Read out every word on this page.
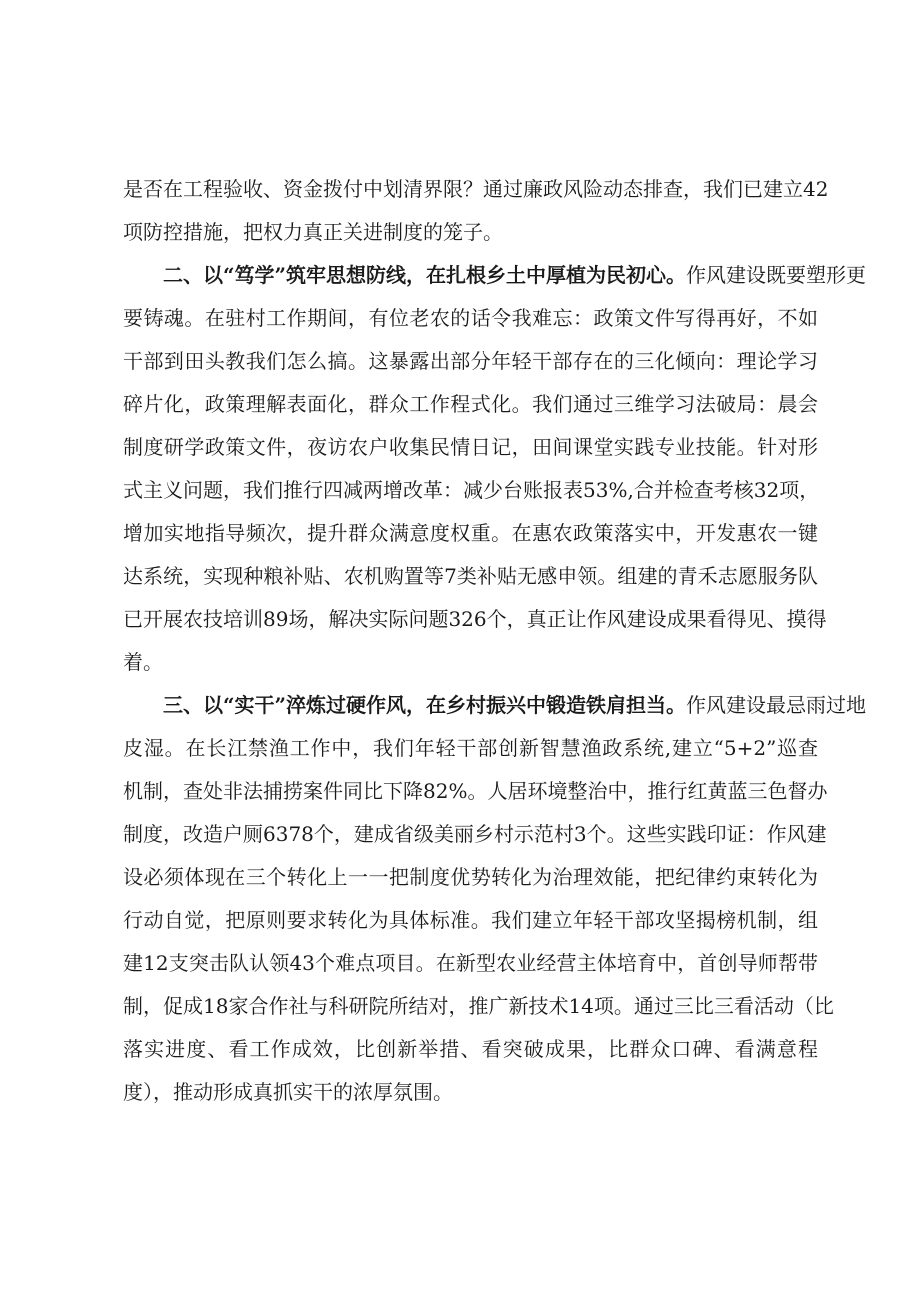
是否在工程验收、资金拨付中划清界限？通过廉政风险动态排查，我们已建立42
项防控措施，把权力真正关进制度的笼子。
二、以“笃学”筑牢思想防线，在扎根乡土中厚植为民初心。作风建设既要塑形更
要铸魂。在驻村工作期间，有位老农的话令我难忘：政策文件写得再好，不如
干部到田头教我们怎么搞。这暴露出部分年轻干部存在的三化倾向：理论学习
碎片化，政策理解表面化，群众工作程式化。我们通过三维学习法破局：晨会
制度研学政策文件，夜访农户收集民情日记，田间课堂实践专业技能。针对形
式主义问题，我们推行四减两增改革：减少台账报表53%,合并检查考核32项，
增加实地指导频次，提升群众满意度权重。在惠农政策落实中，开发惠农一键
达系统，实现种粮补贴、农机购置等7类补贴无感申领。组建的青禾志愿服务队
已开展农技培训89场，解决实际问题326个，真正让作风建设成果看得见、摸得
着。
三、以“实干”淬炼过硬作风，在乡村振兴中锻造铁肩担当。作风建设最忌雨过地
皮湿。在长江禁渔工作中，我们年轻干部创新智慧渔政系统,建立“5+2”巡查
机制，查处非法捕捞案件同比下降82%。人居环境整治中，推行红黄蓝三色督办
制度，改造户厕6378个，建成省级美丽乡村示范村3个。这些实践印证：作风建
设必须体现在三个转化上一一把制度优势转化为治理效能，把纪律约束转化为
行动自觉，把原则要求转化为具体标准。我们建立年轻干部攻坚揭榜机制，组
建12支突击队认领43个难点项目。在新型农业经营主体培育中，首创导师帮带
制，促成18家合作社与科研院所结对，推广新技术14项。通过三比三看活动（比
落实进度、看工作成效，比创新举措、看突破成果，比群众口碑、看满意程
度），推动形成真抓实干的浓厚氛围。
